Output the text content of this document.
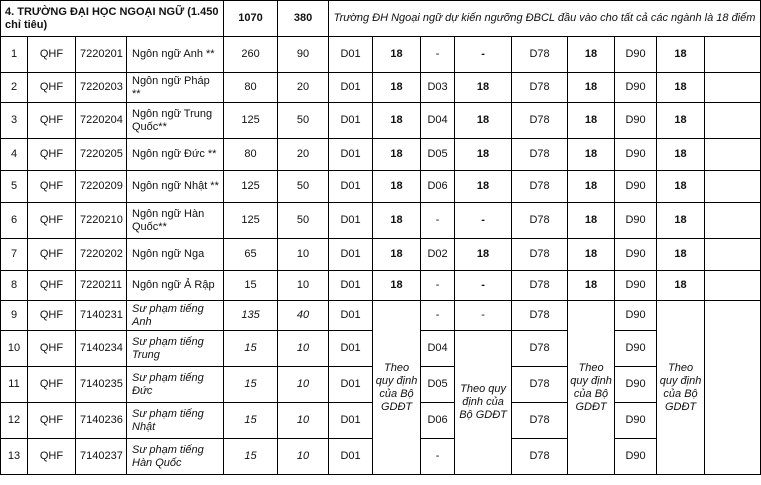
4. TRƯỜNG ĐẠI HỌC NGOẠI NGỮ (1.450 chỉ tiêu)				1070	380	Trường ĐH Ngoại ngữ dự kiến ngưỡng ĐBCL đầu vào cho tất cả các ngành là 18 điểm								
1	QHF	7220201	Ngôn ngữ Anh **	260	90	D01	18	-	-	D78	18	D90	18	
2	QHF	7220203	Ngôn ngữ Pháp **	80	20	D01	18	D03	18	D78	18	D90	18	
3	QHF	7220204	Ngôn ngữ Trung Quốc**	125	50	D01	18	D04	18	D78	18	D90	18	
4	QHF	7220205	Ngôn ngữ Đức **	80	20	D01	18	D05	18	D78	18	D90	18	
5	QHF	7220209	Ngôn ngữ Nhật **	125	50	D01	18	D06	18	D78	18	D90	18	
6	QHF	7220210	Ngôn ngữ Hàn Quốc**	125	50	D01	18	-	-	D78	18	D90	18	
7	QHF	7220202	Ngôn ngữ Nga	65	10	D01	18	D02	18	D78	18	D90	18	
8	QHF	7220211	Ngôn ngữ Ả Rập	15	10	D01	18	-	-	D78	18	D90	18	
9	QHF	7140231	Sư phạm tiếng Anh	135	40	D01	Theo quy định của Bộ GDĐT	-	-	D78	Theo quy định của Bộ GDĐT	D90	Theo quy định của Bộ GDĐT	
10	QHF	7140234	Sư phạm tiếng Trung	15	10	D01		D04	Theo quy định của Bộ GDĐT	D78		D90		
11	QHF	7140235	Sư phạm tiếng Đức	15	10	D01		D05		D78		D90		
12	QHF	7140236	Sư phạm tiếng Nhật	15	10	D01		D06		D78		D90		
13	QHF	7140237	Sư phạm tiếng Hàn Quốc	15	10	D01		-		D78		D90		
